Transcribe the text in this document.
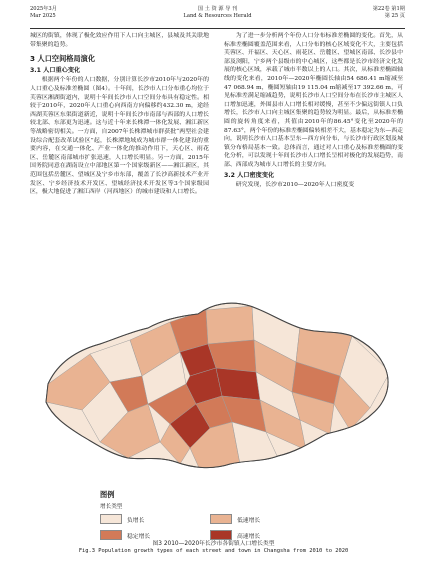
2025年3月
Mar 2025
国 土 资 源 导 刊
Land & Resources Herald
第22卷 第1期
第 25 页

城区的街镇，体现了极化效应作用下人口向主城区，县城及其关联地带集聚的趋势。

3 人口空间格局演化
3.1 人口重心变化

根据两个年份的人口数据，分别计算长沙市2010年与2020年的人口重心及标准差椭圆（图4）。十年间，长沙市人口分布重心均位于芙蓉区湘湖街道内，说明十年间长沙市人口空间分布具有稳定性。相较于2010年，2020年人口重心向西南方向偏移约432.30 m，途经西湖芙蓉区东渠街道新近，说明十年间长沙市南部与西部的人口增长较北部、东部更为迅速。这与近十年来长株潭一体化发展、湘江新区等战略密切相关。一方面，自2007年长株潭城市群获批“两型社会建设综合配套改革试验区”起，长株潭地域成为城市群一体化建设的重要内容，在交通一体化、产业一体化的推动作用下，天心区、雨花区、岳麓区南部城市扩张迅速，人口增长明显。另一方面，2015年国务院同意在湖南设立中部地区第一个国家级新区——湘江新区，其范围包括岳麓区、望城区及宁乡市东部，覆盖了长沙高新技术产业开发区、宁乡经济技术开发区、望城经济技术开发区等3个国家级园区，极大地促进了湘江西岸（河西地区）的城市建设和人口增长。

为了进一步分析两个年份人口分布标准差椭圆的变化。首先，从标准差椭圆覆盖范围来看，人口分布的核心区域变化不大，主要包括芙蓉区、开福区、天心区、雨花区、岳麓区、望城区南部、长沙县中部及浏阳，宁乡两个县级市的中心城区，这些都是长沙市经济文化发展的核心区域，承载了城市半数以上的人口。其次，从标准差椭圆轴线的变化来看，2010年—2020年椭圆长轴由54 686.41 m缩减至47 068.94 m，椭圆短轴由19 115.04 m缩减至17 392.66 m，可见标准差满足缩减趋势，说明长沙市人口空间分布在长沙市主城区人口增加迅速，外围县市人口增长相对缓慢，甚至不少偏远街镇人口负增长，长沙市人口向主城区集聚的趋势较为明显。最后，从标准差椭圆的旋转角度来看，其值由2010年的86.45°变化至2020年的87.63°，两个年份的标准差椭圆偏转相差不大，基本稳定为东—西走向，说明长沙市人口基本呈东—西方向分布，与长沙市行政区划及城镇分布格局基本一致。总体而言，通过对人口重心及标准差椭圆的变化分析，可以发现十年间长沙市人口增长呈相对极化的发展趋势，南部、西部成为城市人口增长的主要方向。

3.2 人口密度变化

研究发现，长沙市2010—2020年人口密度变

图例
增长类型
负增长	低速增长
稳定增长	高速增长
图3 2010—2020年长沙市各街镇人口增长类型
Fig.3 Population growth types of each street and town in Changsha from 2010 to 2020
